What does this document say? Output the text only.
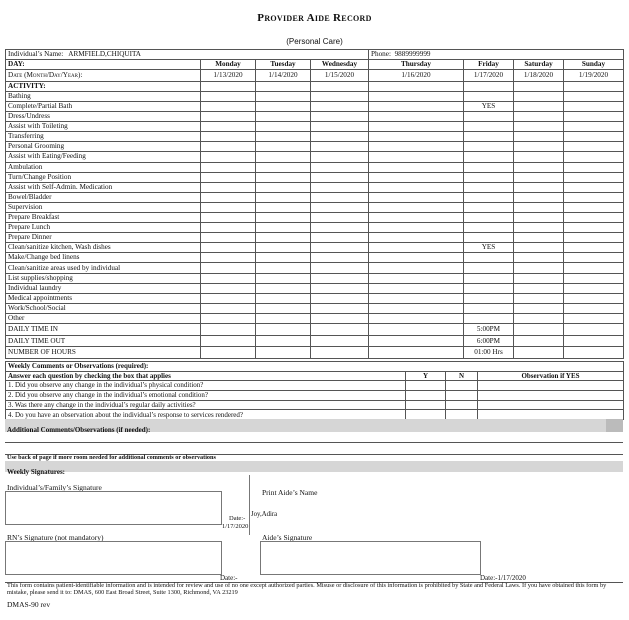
Provider Aide Record
(Personal Care)
Individual’s Name: ARMFIELD,CHIQUITA				Phone: 9889999999			
DAY:	Monday	Tuesday	Wednesday	Thursday	Friday	Saturday	Sunday
Date (Month/Day/Year):	1/13/2020	1/14/2020	1/15/2020	1/16/2020	1/17/2020	1/18/2020	1/19/2020
ACTIVITY:							
Bathing							
Complete/Partial Bath					YES		
Dress/Undress							
Assist with Toileting							
Transferring							
Personal Grooming							
Assist with Eating/Feeding							
Ambulation							
Turn/Change Position							
Assist with Self-Admin. Medication							
Bowel/Bladder							
Supervision							
Prepare Breakfast							
Prepare Lunch							
Prepare Dinner							
Clean/sanitize kitchen, Wash dishes					YES		
Make/Change bed linens							
Clean/sanitize areas used by individual							
List supplies/shopping							
Individual laundry							
Medical appointments							
Work/School/Social							
Other							
DAILY TIME IN					5:00PM		
DAILY TIME OUT					6:00PM		
NUMBER OF HOURS					01:00 Hrs		
Weekly Comments or Observations (required):			
Answer each question by checking the box that applies	Y	N	Observation if YES
1. Did you observe any change in the individual’s physical condition?			
2. Did you observe any change in the individual’s emotional condition?			
3. Was there any change in the individual’s regular daily activities?			
4. Do you have an observation about the individual’s response to services rendered?			
Additional Comments/Observations (if needed):
Use back of page if more room needed for additional comments or observations
Weekly Signatures:
Individual’s/Family’s Signature
Date:-
1/17/2020
Print Aide’s Name
Joy,Adira
RN’s Signature (not mandatory)	Aide’s Signature
Date:-	Date:-1/17/2020
This form contains patient-identifiable information and is intended for review and use of no one except authorized parties. Misuse or disclosure of this information is prohibited by State and Federal Laws. If you have obtained this form by mistake, please send it to: DMAS, 600 East Broad Street, Suite 1300, Richmond, VA 23219
DMAS-90 rev
